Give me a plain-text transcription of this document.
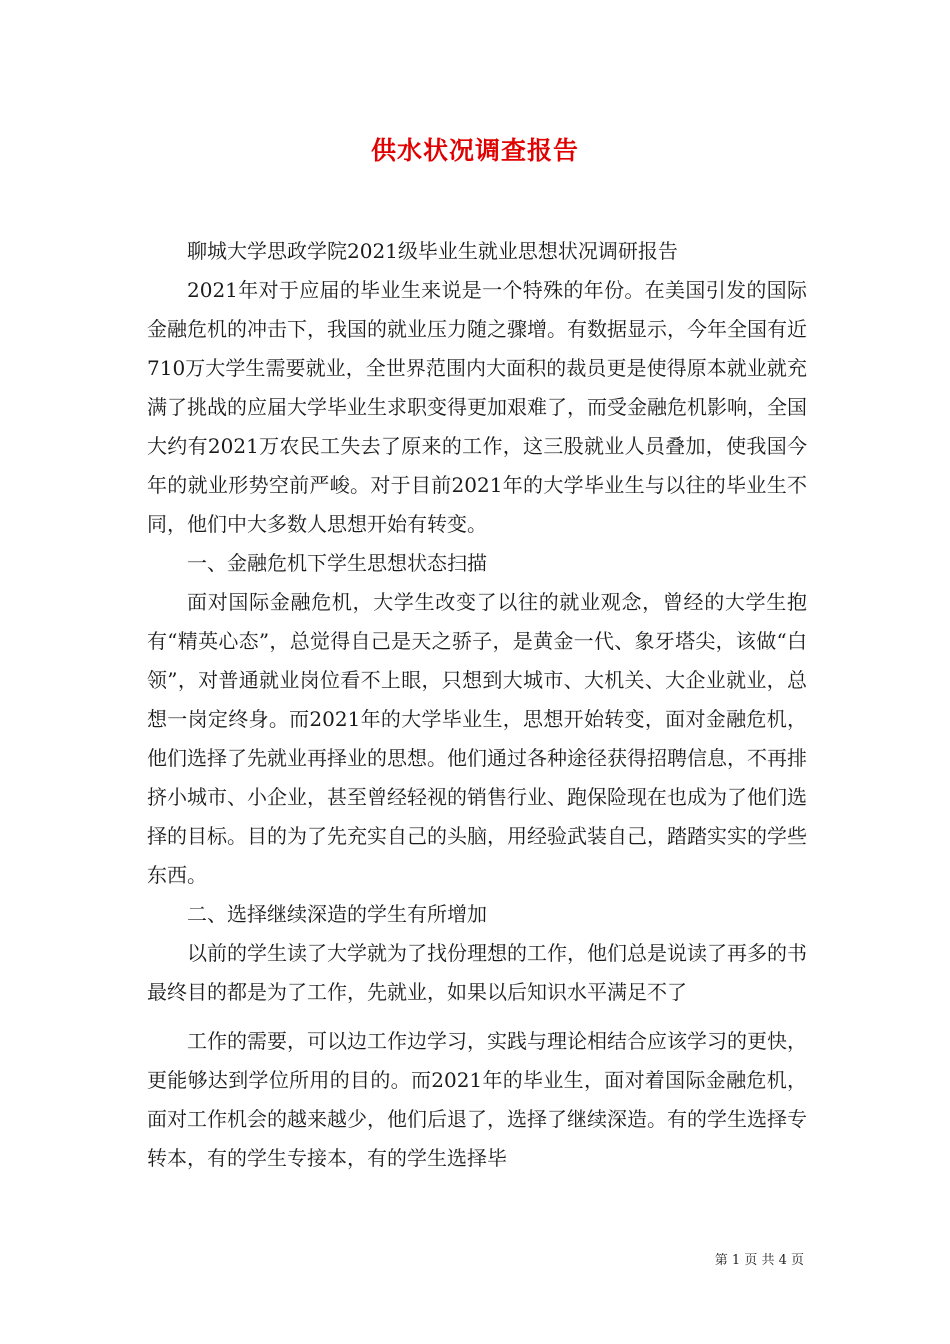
供水状况调查报告

聊城大学思政学院2021级毕业生就业思想状况调研报告

2021年对于应届的毕业生来说是一个特殊的年份。在美国引发的国际金融危机的冲击下，我国的就业压力随之骤增。有数据显示，今年全国有近710万大学生需要就业，全世界范围内大面积的裁员更是使得原本就业就充满了挑战的应届大学毕业生求职变得更加艰难了，而受金融危机影响，全国大约有2021万农民工失去了原来的工作，这三股就业人员叠加，使我国今年的就业形势空前严峻。对于目前2021年的大学毕业生与以往的毕业生不同，他们中大多数人思想开始有转变。

一、金融危机下学生思想状态扫描

面对国际金融危机，大学生改变了以往的就业观念，曾经的大学生抱有“精英心态”，总觉得自己是天之骄子，是黄金一代、象牙塔尖，该做“白领”，对普通就业岗位看不上眼，只想到大城市、大机关、大企业就业，总想一岗定终身。而2021年的大学毕业生，思想开始转变，面对金融危机，他们选择了先就业再择业的思想。他们通过各种途径获得招聘信息，不再排挤小城市、小企业，甚至曾经轻视的销售行业、跑保险现在也成为了他们选择的目标。目的为了先充实自己的头脑，用经验武装自己，踏踏实实的学些东西。

二、选择继续深造的学生有所增加

以前的学生读了大学就为了找份理想的工作，他们总是说读了再多的书最终目的都是为了工作，先就业，如果以后知识水平满足不了

工作的需要，可以边工作边学习，实践与理论相结合应该学习的更快，更能够达到学位所用的目的。而2021年的毕业生，面对着国际金融危机，面对工作机会的越来越少，他们后退了，选择了继续深造。有的学生选择专转本，有的学生专接本，有的学生选择毕

第 1 页 共 4 页
